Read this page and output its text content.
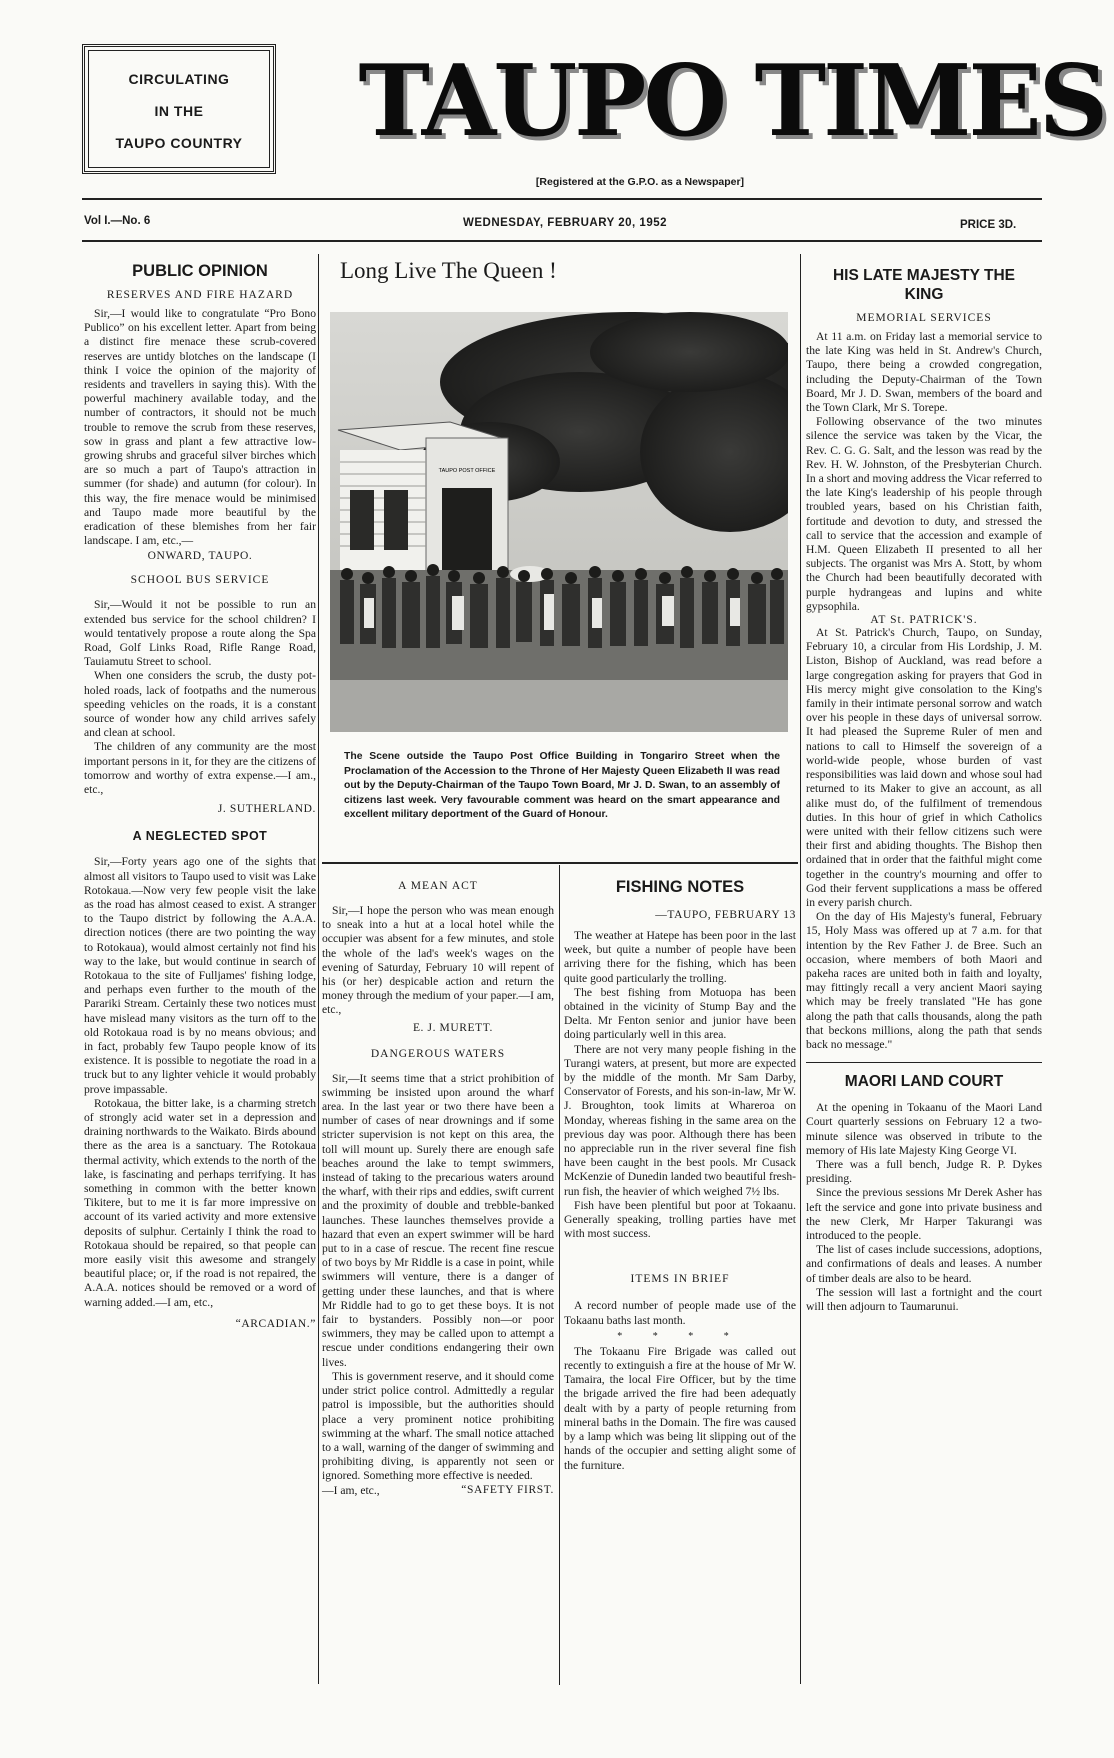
CIRCULATING
IN THE
TAUPO COUNTRY	TAUPO TIMES
[Registered at the G.P.O. as a Newspaper]
Vol I.—No. 6	WEDNESDAY, FEBRUARY 20, 1952	PRICE 3D.
PUBLIC OPINION
RESERVES AND FIRE HAZARD

Sir,—I would like to congratulate “Pro Bono Publico” on his excellent letter. Apart from being a distinct fire menace these scrub-covered reserves are untidy blotches on the landscape (I think I voice the opinion of the majority of residents and travellers in saying this). With the powerful machinery available today, and the number of contractors, it should not be much trouble to remove the scrub from these reserves, sow in grass and plant a few attractive low-growing shrubs and graceful silver birches which are so much a part of Taupo's attraction in summer (for shade) and autumn (for colour). In this way, the fire menace would be minimised and Taupo made more beautiful by the eradication of these blemishes from her fair landscape. I am, etc.,—

ONWARD, TAUPO.
SCHOOL BUS SERVICE

Sir,—Would it not be possible to run an extended bus service for the school children? I would tentatively propose a route along the Spa Road, Golf Links Road, Rifle Range Road, Tauiamutu Street to school.

When one considers the scrub, the dusty pot-holed roads, lack of footpaths and the numerous speeding vehicles on the roads, it is a constant source of wonder how any child arrives safely and clean at school.

The children of any community are the most important persons in it, for they are the citizens of tomorrow and worthy of extra expense.—I am., etc.,

J. SUTHERLAND.
A NEGLECTED SPOT

Sir,—Forty years ago one of the sights that almost all visitors to Taupo used to visit was Lake Rotokaua.—Now very few people visit the lake as the road has almost ceased to exist. A stranger to the Taupo district by following the A.A.A. direction notices (there are two pointing the way to Rotokaua), would almost certainly not find his way to the lake, but would continue in search of Rotokaua to the site of Fulljames' fishing lodge, and perhaps even further to the mouth of the Parariki Stream. Certainly these two notices must have mislead many visitors as the turn off to the old Rotokaua road is by no means obvious; and in fact, probably few Taupo people know of its existence. It is possible to negotiate the road in a truck but to any lighter vehicle it would probably prove impassable.

Rotokaua, the bitter lake, is a charming stretch of strongly acid water set in a depression and draining northwards to the Waikato. Birds abound there as the area is a sanctuary. The Rotokaua thermal activity, which extends to the north of the lake, is fascinating and perhaps terrifying. It has something in common with the better known Tikitere, but to me it is far more impressive on account of its varied activity and more extensive deposits of sulphur. Certainly I think the road to Rotokaua should be repaired, so that people can more easily visit this awesome and strangely beautiful place; or, if the road is not repaired, the A.A.A. notices should be removed or a word of warning added.—I am, etc.,

“ARCADIAN.”
Long Live The Queen !
TAUPO POST OFFICE
The Scene outside the Taupo Post Office Building in Tongariro Street when the Proclamation of the Accession to the Throne of Her Majesty Queen Elizabeth II was read out by the Deputy-Chairman of the Taupo Town Board, Mr J. D. Swan, to an assembly of citizens last week. Very favourable comment was heard on the smart appearance and excellent military deportment of the Guard of Honour.
A MEAN ACT

Sir,—I hope the person who was mean enough to sneak into a hut at a local hotel while the occupier was absent for a few minutes, and stole the whole of the lad's week's wages on the evening of Saturday, February 10 will repent of his (or her) despicable action and return the money through the medium of your paper.—I am, etc.,

E. J. MURETT.
DANGEROUS WATERS

Sir,—It seems time that a strict prohibition of swimming be insisted upon around the wharf area. In the last year or two there have been a number of cases of near drownings and if some stricter supervision is not kept on this area, the toll will mount up. Surely there are enough safe beaches around the lake to tempt swimmers, instead of taking to the precarious waters around the wharf, with their rips and eddies, swift current and the proximity of double and trebble-banked launches. These launches themselves provide a hazard that even an expert swimmer will be hard put to in a case of rescue. The recent fine rescue of two boys by Mr Riddle is a case in point, while swimmers will venture, there is a danger of getting under these launches, and that is where Mr Riddle had to go to get these boys. It is not fair to bystanders. Possibly non—or poor swimmers, they may be called upon to attempt a rescue under conditions endangering their own lives.

This is government reserve, and it should come under strict police control. Admittedly a regular patrol is impossible, but the authorities should place a very prominent notice prohibiting swimming at the wharf. The small notice attached to a wall, warning of the danger of swimming and prohibiting diving, is apparently not seen or ignored. Something more effective is needed.

—I am, etc.,	“SAFETY FIRST.
FISHING NOTES
—TAUPO, FEBRUARY 13

The weather at Hatepe has been poor in the last week, but quite a number of people have been arriving there for the fishing, which has been quite good particularly the trolling.

The best fishing from Motuopa has been obtained in the vicinity of Stump Bay and the Delta. Mr Fenton senior and junior have been doing particularly well in this area.

There are not very many people fishing in the Turangi waters, at present, but more are expected by the middle of the month. Mr Sam Darby, Conservator of Forests, and his son-in-law, Mr W. J. Broughton, took limits at Whareroa on Monday, whereas fishing in the same area on the previous day was poor. Although there has been no appreciable run in the river several fine fish have been caught in the best pools. Mr Cusack McKenzie of Dunedin landed two beautiful fresh-run fish, the heavier of which weighed 7½ lbs.

Fish have been plentiful but poor at Tokaanu. Generally speaking, trolling parties have met with most success.

ITEMS IN BRIEF

A record number of people made use of the Tokaanu baths last month.

* * * *

The Tokaanu Fire Brigade was called out recently to extinguish a fire at the house of Mr W. Tamaira, the local Fire Officer, but by the time the brigade arrived the fire had been adequatly dealt with by a party of people returning from mineral baths in the Domain. The fire was caused by a lamp which was being lit slipping out of the hands of the occupier and setting alight some of the furniture.

HIS LATE MAJESTY THE KING
MEMORIAL SERVICES

At 11 a.m. on Friday last a memorial service to the late King was held in St. Andrew's Church, Taupo, there being a crowded congregation, including the Deputy-Chairman of the Town Board, Mr J. D. Swan, members of the board and the Town Clark, Mr S. Torepe.

Following observance of the two minutes silence the service was taken by the Vicar, the Rev. C. G. G. Salt, and the lesson was read by the Rev. H. W. Johnston, of the Presbyterian Church. In a short and moving address the Vicar referred to the late King's leadership of his people through troubled years, based on his Christian faith, fortitude and devotion to duty, and stressed the call to service that the accession and example of H.M. Queen Elizabeth II presented to all her subjects. The organist was Mrs A. Stott, by whom the Church had been beautifully decorated with purple hydrangeas and lupins and white gypsophila.

AT St. PATRICK'S.

At St. Patrick's Church, Taupo, on Sunday, February 10, a circular from His Lordship, J. M. Liston, Bishop of Auckland, was read before a large congregation asking for prayers that God in His mercy might give consolation to the King's family in their intimate personal sorrow and watch over his people in these days of universal sorrow. It had pleased the Supreme Ruler of men and nations to call to Himself the sovereign of a world-wide people, whose burden of vast responsibilities was laid down and whose soul had returned to its Maker to give an account, as all alike must do, of the fulfilment of tremendous duties. In this hour of grief in which Catholics were united with their fellow citizens such were their first and abiding thoughts. The Bishop then ordained that in order that the faithful might come together in the country's mourning and offer to God their fervent supplications a mass be offered in every parish church.

On the day of His Majesty's funeral, February 15, Holy Mass was offered up at 7 a.m. for that intention by the Rev Father J. de Bree. Such an occasion, where members of both Maori and pakeha races are united both in faith and loyalty, may fittingly recall a very ancient Maori saying which may be freely translated "He has gone along the path that calls thousands, along the path that beckons millions, along the path that sends back no message."

MAORI LAND COURT

At the opening in Tokaanu of the Maori Land Court quarterly sessions on February 12 a two-minute silence was observed in tribute to the memory of His late Majesty King George VI.

There was a full bench, Judge R. P. Dykes presiding.

Since the previous sessions Mr Derek Asher has left the service and gone into private business and the new Clerk, Mr Harper Takurangi was introduced to the people.

The list of cases include successions, adoptions, and confirmations of deals and leases. A number of timber deals are also to be heard.

The session will last a fortnight and the court will then adjourn to Taumarunui.
